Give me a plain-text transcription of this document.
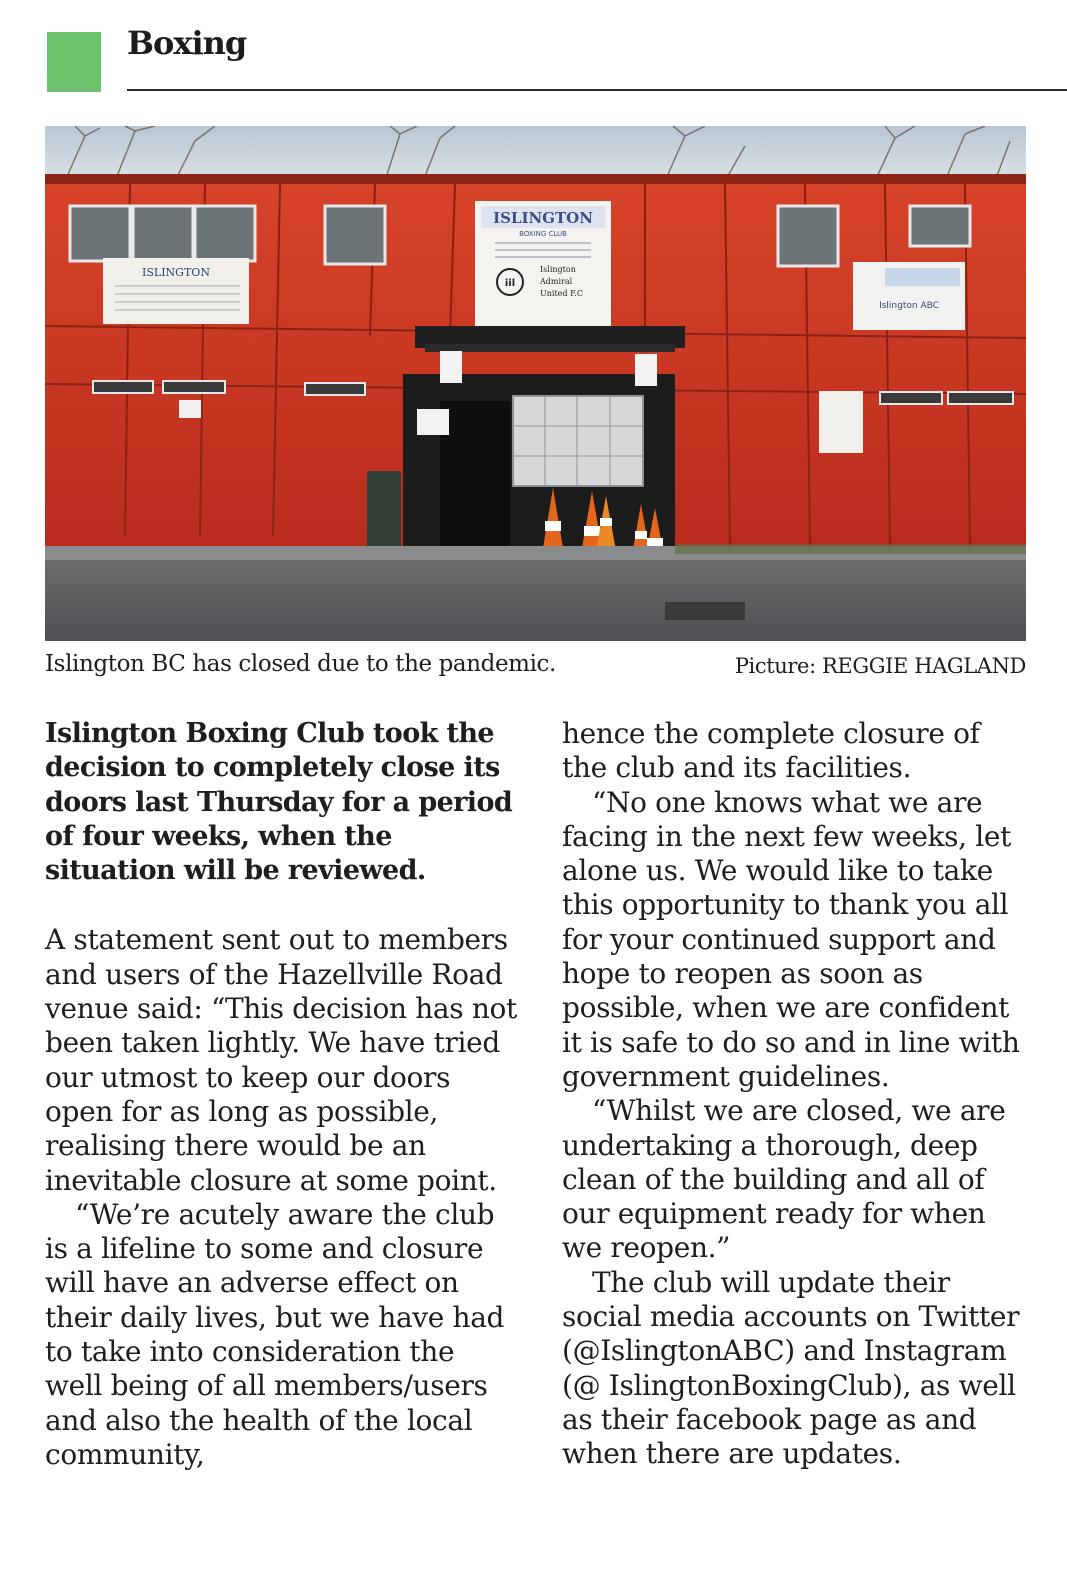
Boxing
ISLINGTON
ISLINGTON
BOXING CLUB
iil
Islington
Admiral
United F.C
Islington ABC
Islington BC has closed due to the pandemic.	Picture: REGGIE HAGLAND

Islington Boxing Club took the decision to completely close its doors last Thursday for a period of four weeks, when the situation will be reviewed.

A statement sent out to members and users of the Hazellville Road venue said: “This decision has not been taken lightly. We have tried our utmost to keep our doors open for as long as possible, realising there would be an inevitable closure at some point.

“We’re acutely aware the club is a lifeline to some and closure will have an adverse effect on their daily lives, but we have had to take into consideration the well being of all members/users and also the health of the local community,

hence the complete closure of the club and its facilities.

“No one knows what we are facing in the next few weeks, let alone us. We would like to take this opportunity to thank you all for your continued support and hope to reopen as soon as possible, when we are confident it is safe to do so and in line with government guidelines.

“Whilst we are closed, we are undertaking a thorough, deep clean of the building and all of our equipment ready for when we reopen.”

The club will update their social media accounts on Twitter (@IslingtonABC) and Instagram (@ IslingtonBoxingClub), as well as their facebook page as and when there are updates.
